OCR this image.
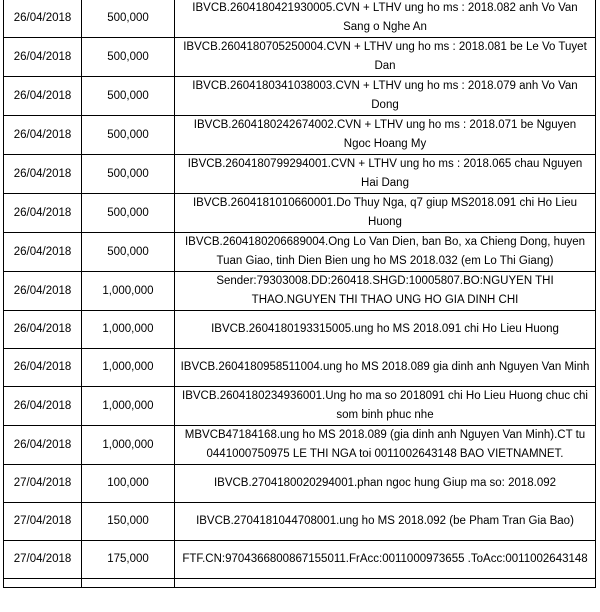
26/04/2018	500,000	IBVCB.2604180421930005.CVN + LTHV ung ho ms : 2018.082 anh Vo Van Sang o Nghe An
26/04/2018	500,000	IBVCB.2604180705250004.CVN + LTHV ung ho ms : 2018.081 be Le Vo Tuyet Dan
26/04/2018	500,000	IBVCB.2604180341038003.CVN + LTHV ung ho ms : 2018.079 anh Vo Van Dong
26/04/2018	500,000	IBVCB.2604180242674002.CVN + LTHV ung ho ms : 2018.071 be Nguyen Ngoc Hoang My
26/04/2018	500,000	IBVCB.2604180799294001.CVN + LTHV ung ho ms : 2018.065 chau Nguyen Hai Dang
26/04/2018	500,000	IBVCB.2604181010660001.Do Thuy Nga, q7 giup MS2018.091 chi Ho Lieu Huong
26/04/2018	500,000	IBVCB.2604180206689004.Ong Lo Van Dien, ban Bo, xa Chieng Dong, huyen Tuan Giao, tinh Dien Bien ung ho MS 2018.032 (em Lo Thi Giang)
26/04/2018	1,000,000	Sender:79303008.DD:260418.SHGD:10005807.BO:NGUYEN THI THAO.NGUYEN THI THAO UNG HO GIA DINH CHI
26/04/2018	1,000,000	IBVCB.2604180193315005.ung ho MS 2018.091 chi Ho Lieu Huong
26/04/2018	1,000,000	IBVCB.2604180958511004.ung ho MS 2018.089 gia dinh anh Nguyen Van Minh
26/04/2018	1,000,000	IBVCB.2604180234936001.Ung ho ma so 2018091 chi Ho Lieu Huong chuc chi som binh phuc nhe
26/04/2018	1,000,000	MBVCB47184168.ung ho MS 2018.089 (gia dinh anh Nguyen Van Minh).CT tu 0441000750975 LE THI NGA toi 0011002643148 BAO VIETNAMNET.
27/04/2018	100,000	IBVCB.2704180020294001.phan ngoc hung Giup ma so: 2018.092
27/04/2018	150,000	IBVCB.2704181044708001.ung ho MS 2018.092 (be Pham Tran Gia Bao)
27/04/2018	175,000	FTF.CN:9704366800867155011.FrAcc:0011000973655 .ToAcc:0011002643148
